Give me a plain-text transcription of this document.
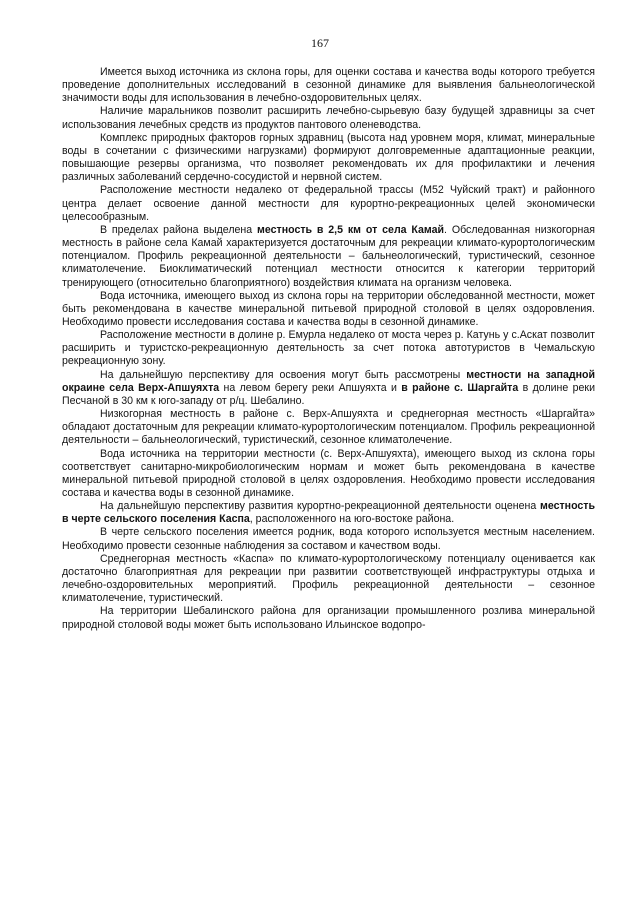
167

Имеется выход источника из склона горы, для оценки состава и качества воды которого требуется проведение дополнительных исследований в сезонной динамике для выявления бальнеологической значимости воды для использования в лечебно-оздоровительных целях.

Наличие маральников позволит расширить лечебно-сырьевую базу будущей здравницы за счет использования лечебных средств из продуктов пантового оленеводства.

Комплекс природных факторов горных здравниц (высота над уровнем моря, климат, минеральные воды в сочетании с физическими нагрузками) формируют долговременные адаптационные реакции, повышающие резервы организма, что позволяет рекомендовать их для профилактики и лечения различных заболеваний сердечно-сосудистой и нервной систем.

Расположение местности недалеко от федеральной трассы (М52 Чуйский тракт) и районного центра делает освоение данной местности для курортно-рекреационных целей экономически целесообразным.

В пределах района выделена местность в 2,5 км от села Камай. Обследованная низкогорная местность в районе села Камай характеризуется достаточным для рекреации климато-курортологическим потенциалом. Профиль рекреационной деятельности – бальнеологический, туристический, сезонное климатолечение. Биоклиматический потенциал местности относится к категории территорий тренирующего (относительно благоприятного) воздействия климата на организм человека.

Вода источника, имеющего выход из склона горы на территории обследованной местности, может быть рекомендована в качестве минеральной питьевой природной столовой в целях оздоровления. Необходимо провести исследования состава и качества воды в сезонной динамике.

Расположение местности в долине р. Емурла недалеко от моста через р. Катунь у с.Аскат позволит расширить и туристско-рекреационную деятельность за счет потока автотуристов в Чемальскую рекреационную зону.

На дальнейшую перспективу для освоения могут быть рассмотрены местности на западной окраине села Верх-Апшуяхта на левом берегу реки Апшуяхта и в районе с. Шаргайта в долине реки Песчаной в 30 км к юго-западу от р/ц. Шебалино.

Низкогорная местность в районе с. Верх-Апшуяхта и среднегорная местность «Шаргайта» обладают достаточным для рекреации климато-курортологическим потенциалом. Профиль рекреационной деятельности – бальнеологический, туристический, сезонное климатолечение.

Вода источника на территории местности (с. Верх-Апшуяхта), имеющего выход из склона горы соответствует санитарно-микробиологическим нормам и может быть рекомендована в качестве минеральной питьевой природной столовой в целях оздоровления. Необходимо провести исследования состава и качества воды в сезонной динамике.

На дальнейшую перспективу развития курортно-рекреационной деятельности оценена местность в черте сельского поселения Каспа, расположенного на юго-востоке района.

В черте сельского поселения имеется родник, вода которого используется местным населением. Необходимо провести сезонные наблюдения за составом и качеством воды.

Среднегорная местность «Каспа» по климато-курортологическому потенциалу оценивается как достаточно благоприятная для рекреации при развитии соответствующей инфраструктуры отдыха и лечебно-оздоровительных мероприятий. Профиль рекреационной деятельности – сезонное климатолечение, туристический.

На территории Шебалинского района для организации промышленного розлива минеральной природной столовой воды может быть использовано Ильинское водопро-
